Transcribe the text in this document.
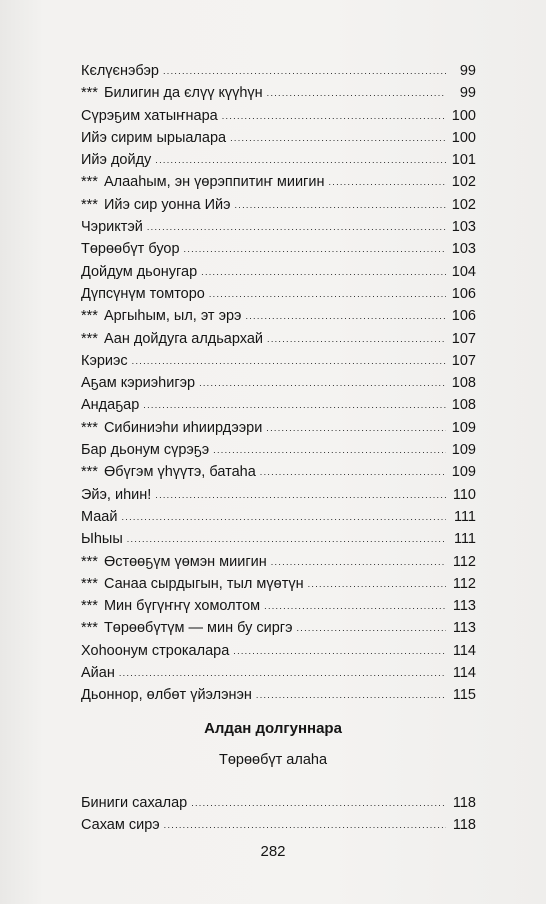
Кєлүєнэбэр . . .	99
*** Билигин да єлүү күүһүн . . .	99
Сүрэҕим хатыҥнара . . .	100
Ийэ сирим ырыалара . . .	100
Ийэ дойду . . .	101
*** Алааһым, эн үөрэппитиҥ миигин . . .	102
*** Ийэ сир уонна Ийэ . . .	102
Чэриктэй . . .	103
Төрөөбүт буор . . .	103
Дойдум дьонугар . . .	104
Дүпсүнүм томторо . . .	106
*** Аргыһым, ыл, эт эрэ . . .	106
*** Аан дойдуга алдьархай . . .	107
Кэриэс . . .	107
Аҕам кэриэһигэр . . .	108
Андаҕар . . .	108
*** Сибиниэһи иһиирдээри . . .	109
Бар дьонум сүрэҕэ . . .	109
*** Өбүгэм үһүүтэ, батаһа . . .	109
Эйэ, иһин! . . .	110
Маай . . .	111
Ыһыы . . .	111
*** Өстөөҕүм үөмэн миигин . . .	112
*** Санаа сырдыгын, тыл мүөтүн . . .	112
*** Мин бүгүҥҥү хомолтом . . .	113
*** Төрөөбүтүм — мин бу сиргэ . . .	113
Хоһоонум строкалара . . .	114
Айан . . .	114
Дьоннор, өлбөт үйэлэнэн . . .	115
Алдан долгуннара
Төрөөбүт алаһа
Биниги сахалар . . .	118
Сахам сирэ . . .	118
282
